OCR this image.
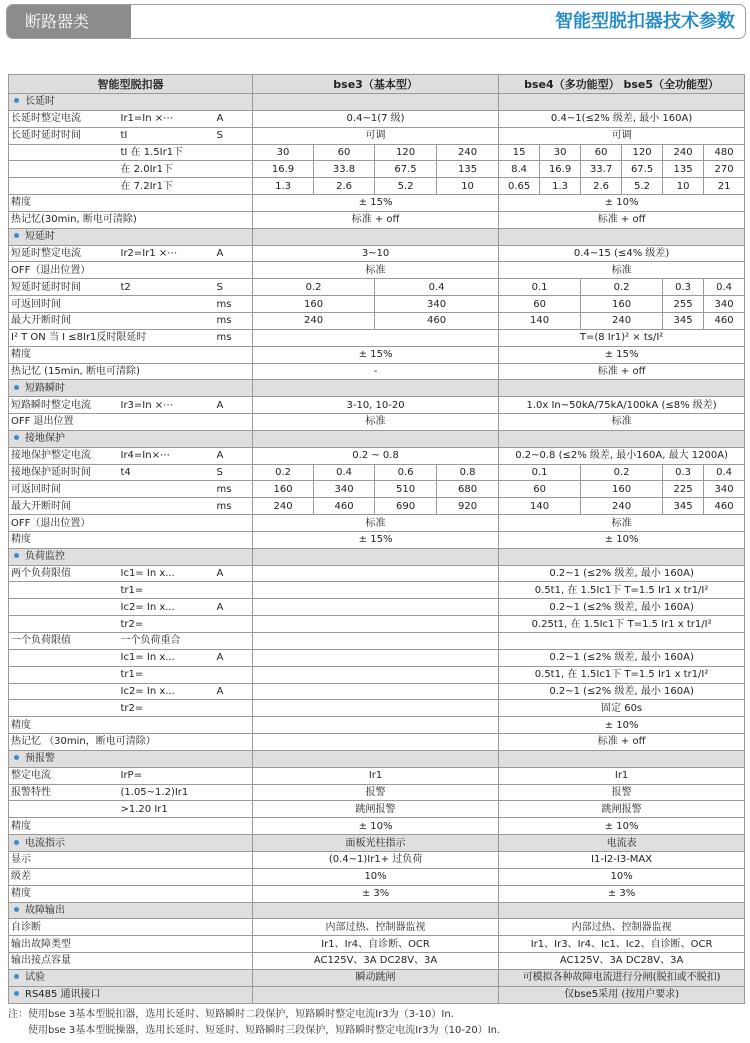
断路器类	智能型脱扣器技术参数
智能型脱扣器			bse3（基本型）				bse4（多功能型） bse5（全功能型）					
长延时												
长延时整定电流	Ir1=In ×⋯	A	0.4~1(7 级)				0.4~1(≤2% 级差, 最小 160A)					
长延时延时时间	tI	S	可调				可调					
	tI 在 1.5Ir1下		30	60	120	240	15	30	60	120	240	480
	在 2.0Ir1下		16.9	33.8	67.5	135	8.4	16.9	33.7	67.5	135	270
	在 7.2Ir1下		1.3	2.6	5.2	10	0.65	1.3	2.6	5.2	10	21
精度			± 15%				± 10%					
热记忆(30min, 断电可清除)			标准 + off				标准 + off					
短延时												
短延时整定电流	Ir2=Ir1 ×⋯	A	3~10				0.4~15 (≤4% 级差)					
OFF（退出位置）			标准				标准					
短延时延时时间	t2	S	0.2		0.4		0.1		0.2		0.3	0.4
可返回时间		ms	160		340		60		160		255	340
最大开断时间		ms	240		460		140		240		345	460
I² T ON 当 I ≤8Ir1反时限延时		ms					T=(8 Ir1)² × ts/I²					
精度			± 15%				± 15%					
热记忆 (15min, 断电可清除)			-				标准 + off					
短路瞬时												
短路瞬时整定电流	Ir3=In ×⋯	A	3-10, 10-20				1.0x In~50kA/75kA/100kA (≤8% 级差)					
OFF 退出位置			标准				标准					
接地保护												
接地保护整定电流	Ir4=In×⋯	A	0.2 ~ 0.8				0.2~0.8 (≤2% 级差, 最小160A, 最大 1200A)					
接地保护延时时间	t4	S	0.2	0.4	0.6	0.8	0.1		0.2		0.3	0.4
可返回时间		ms	160	340	510	680	60		160		225	340
最大开断时间		ms	240	460	690	920	140		240		345	460
OFF（退出位置）			标准				标准					
精度			± 15%				± 10%					
负荷监控												
两个负荷限值	Ic1= In x...	A					0.2~1 (≤2% 级差, 最小 160A)					
	tr1=						0.5t1, 在 1.5Ic1下 T=1.5 Ir1 x tr1/I²					
	Ic2= In x...	A					0.2~1 (≤2% 级差, 最小 160A)					
	tr2=						0.25t1, 在 1.5Ic1下 T=1.5 Ir1 x tr1/I²					
一个负荷限值	一个负荷重合											
	Ic1= In x...	A					0.2~1 (≤2% 级差, 最小 160A)					
	tr1=						0.5t1, 在 1.5Ic1下 T=1.5 Ir1 x tr1/I²					
	Ic2= In x...	A					0.2~1 (≤2% 级差, 最小 160A)					
	tr2=						固定 60s					
精度							± 10%					
热记忆 （30min，断电可清除）							标准 + off					
预报警												
整定电流	IrP=		Ir1				Ir1					
报警特性	(1.05~1.2)Ir1		报警				报警					
	>1.20 Ir1		跳闸报警				跳闸报警					
精度			± 10%				± 10%					
电流指示			面板光柱指示				电流表					
显示			(0.4~1)Ir1+ 过负荷				I1-I2-I3-MAX					
级差			10%				10%					
精度			± 3%				± 3%					
故障输出												
自诊断			内部过热、控制器监视				内部过热、控制器监视					
输出故障类型			Ir1、Ir4、自诊断、OCR				Ir1、Ir3、Ir4、Ic1、Ic2、自诊断、OCR					
输出接点容量			AC125V、3A DC28V、3A				AC125V、3A DC28V、3A					
试验			瞬动跳闸				可模拟各种故障电流进行分闸(脱扣或不脱扣)					
RS485 通讯接口							仅bse5采用 (按用户要求)					
注：使用bse 3基本型脱扣器，选用长延时、短路瞬时二段保护，短路瞬时整定电流Ir3为（3-10）In.
使用bse 3基本型脱操器，选用长延时、短延时、短路瞬时三段保护，短路瞬时整定电流Ir3为（10-20）In.
